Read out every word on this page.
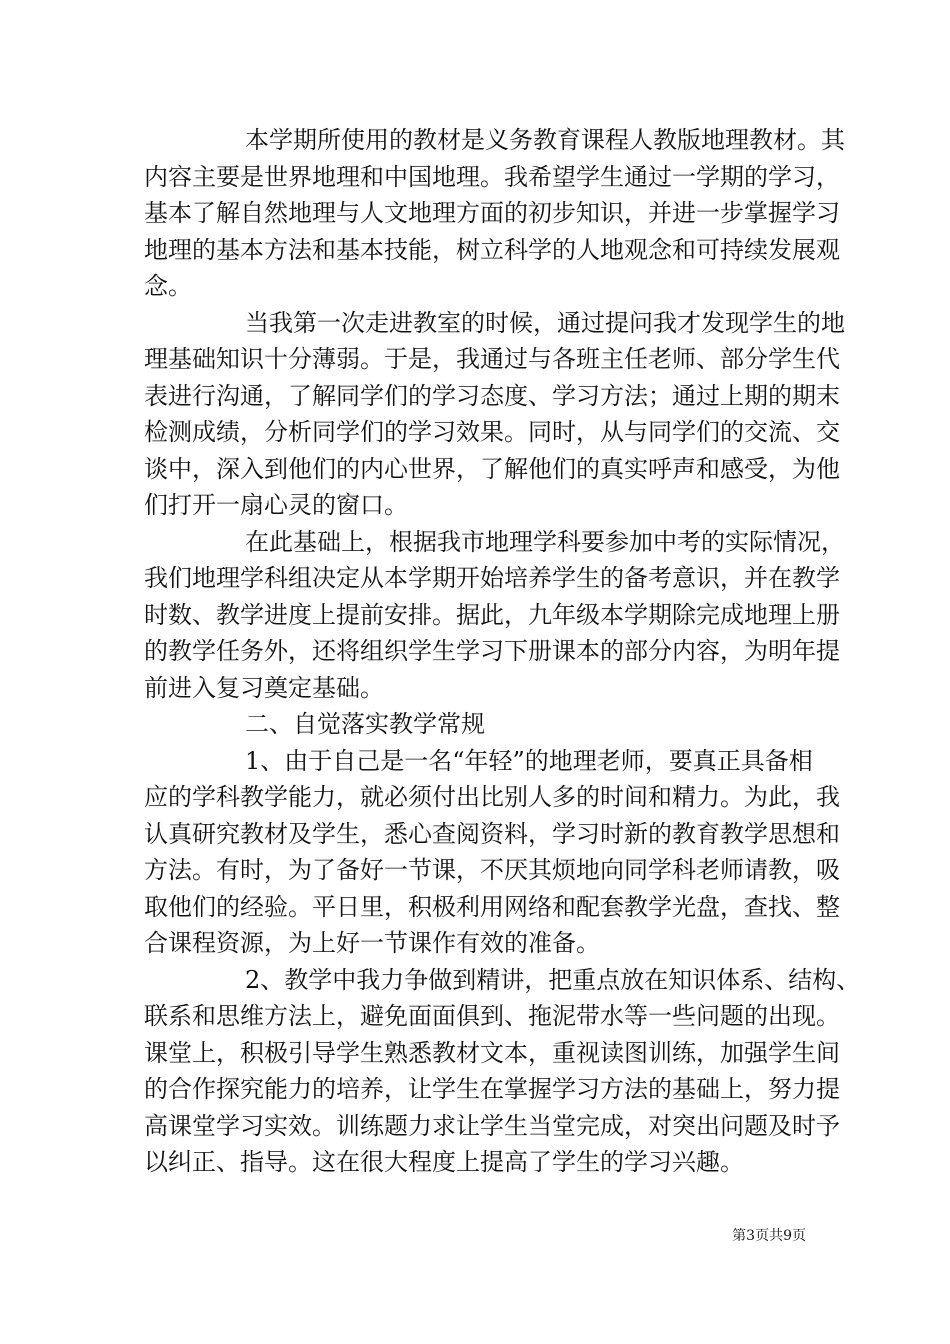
本学期所使用的教材是义务教育课程人教版地理教材。其
内容主要是世界地理和中国地理。我希望学生通过一学期的学习，
基本了解自然地理与人文地理方面的初步知识，并进一步掌握学习
地理的基本方法和基本技能，树立科学的人地观念和可持续发展观
念。
当我第一次走进教室的时候，通过提问我才发现学生的地
理基础知识十分薄弱。于是，我通过与各班主任老师、部分学生代
表进行沟通，了解同学们的学习态度、学习方法；通过上期的期末
检测成绩，分析同学们的学习效果。同时，从与同学们的交流、交
谈中，深入到他们的内心世界，了解他们的真实呼声和感受，为他
们打开一扇心灵的窗口。
在此基础上，根据我市地理学科要参加中考的实际情况，
我们地理学科组决定从本学期开始培养学生的备考意识，并在教学
时数、教学进度上提前安排。据此，九年级本学期除完成地理上册
的教学任务外，还将组织学生学习下册课本的部分内容，为明年提
前进入复习奠定基础。
二、自觉落实教学常规
1、由于自己是一名“年轻”的地理老师，要真正具备相
应的学科教学能力，就必须付出比别人多的时间和精力。为此，我
认真研究教材及学生，悉心查阅资料，学习时新的教育教学思想和
方法。有时，为了备好一节课，不厌其烦地向同学科老师请教，吸
取他们的经验。平日里，积极利用网络和配套教学光盘，查找、整
合课程资源，为上好一节课作有效的准备。
2、教学中我力争做到精讲，把重点放在知识体系、结构、
联系和思维方法上，避免面面俱到、拖泥带水等一些问题的出现。
课堂上，积极引导学生熟悉教材文本，重视读图训练，加强学生间
的合作探究能力的培养，让学生在掌握学习方法的基础上，努力提
高课堂学习实效。训练题力求让学生当堂完成，对突出问题及时予
以纠正、指导。这在很大程度上提高了学生的学习兴趣。
第3页共9页
